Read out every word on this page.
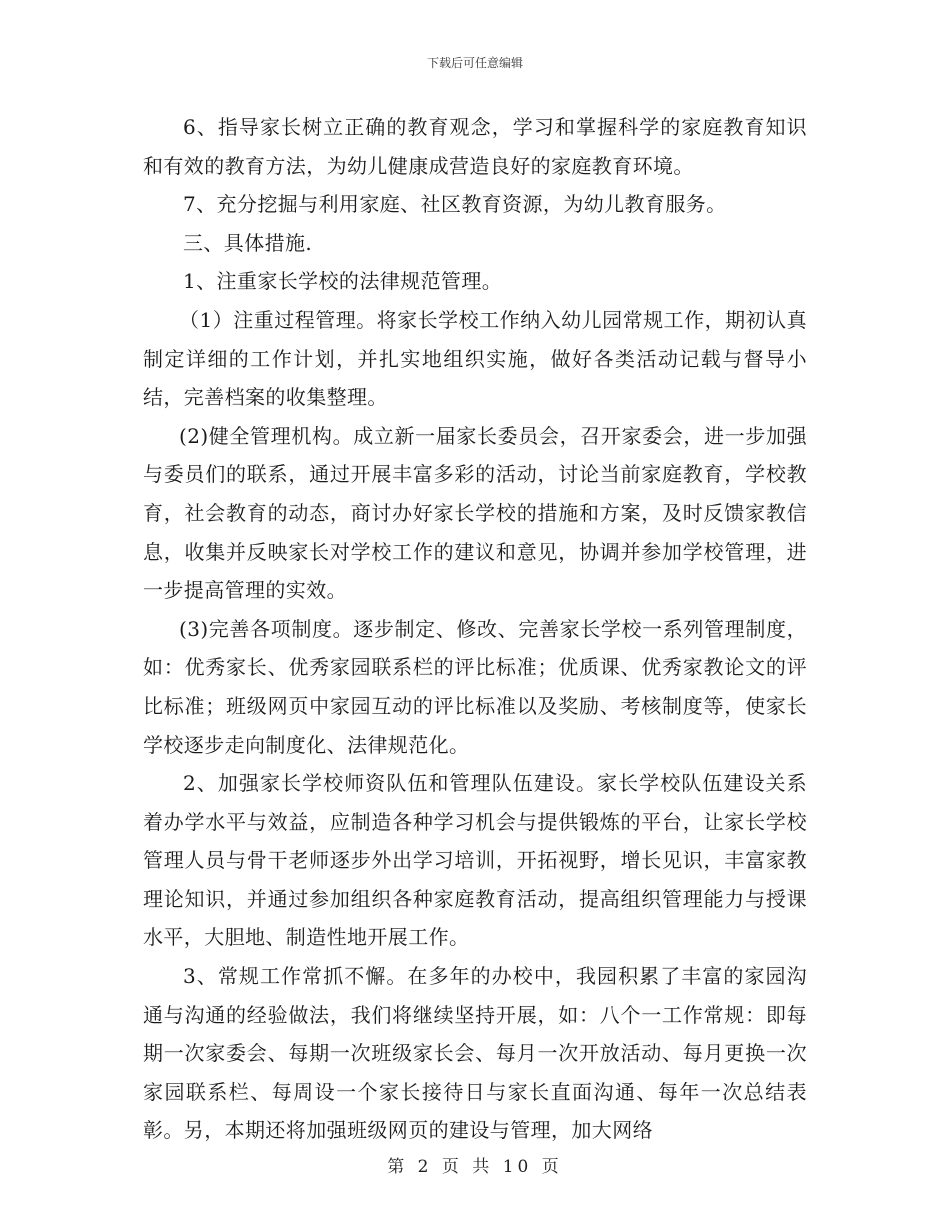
下载后可任意编辑

6、指导家长树立正确的教育观念，学习和掌握科学的家庭教育知识和有效的教育方法，为幼儿健康成营造良好的家庭教育环境。

7、充分挖掘与利用家庭、社区教育资源，为幼儿教育服务。

三、具体措施.

1、注重家长学校的法律规范管理。

（1）注重过程管理。将家长学校工作纳入幼儿园常规工作，期初认真制定详细的工作计划，并扎实地组织实施，做好各类活动记载与督导小结，完善档案的收集整理。

(2)健全管理机构。成立新一届家长委员会，召开家委会，进一步加强与委员们的联系，通过开展丰富多彩的活动，讨论当前家庭教育，学校教育，社会教育的动态，商讨办好家长学校的措施和方案，及时反馈家教信息，收集并反映家长对学校工作的建议和意见，协调并参加学校管理，进一步提高管理的实效。

(3)完善各项制度。逐步制定、修改、完善家长学校一系列管理制度，如：优秀家长、优秀家园联系栏的评比标准；优质课、优秀家教论文的评比标准；班级网页中家园互动的评比标准以及奖励、考核制度等，使家长学校逐步走向制度化、法律规范化。

2、加强家长学校师资队伍和管理队伍建设。家长学校队伍建设关系着办学水平与效益，应制造各种学习机会与提供锻炼的平台，让家长学校管理人员与骨干老师逐步外出学习培训，开拓视野，增长见识，丰富家教理论知识，并通过参加组织各种家庭教育活动，提高组织管理能力与授课水平，大胆地、制造性地开展工作。

3、常规工作常抓不懈。在多年的办校中，我园积累了丰富的家园沟通与沟通的经验做法，我们将继续坚持开展，如：八个一工作常规：即每期一次家委会、每期一次班级家长会、每月一次开放活动、每月更换一次家园联系栏、每周设一个家长接待日与家长直面沟通、每年一次总结表彰。另，本期还将加强班级网页的建设与管理，加大网络

第 2 页 共 10 页
